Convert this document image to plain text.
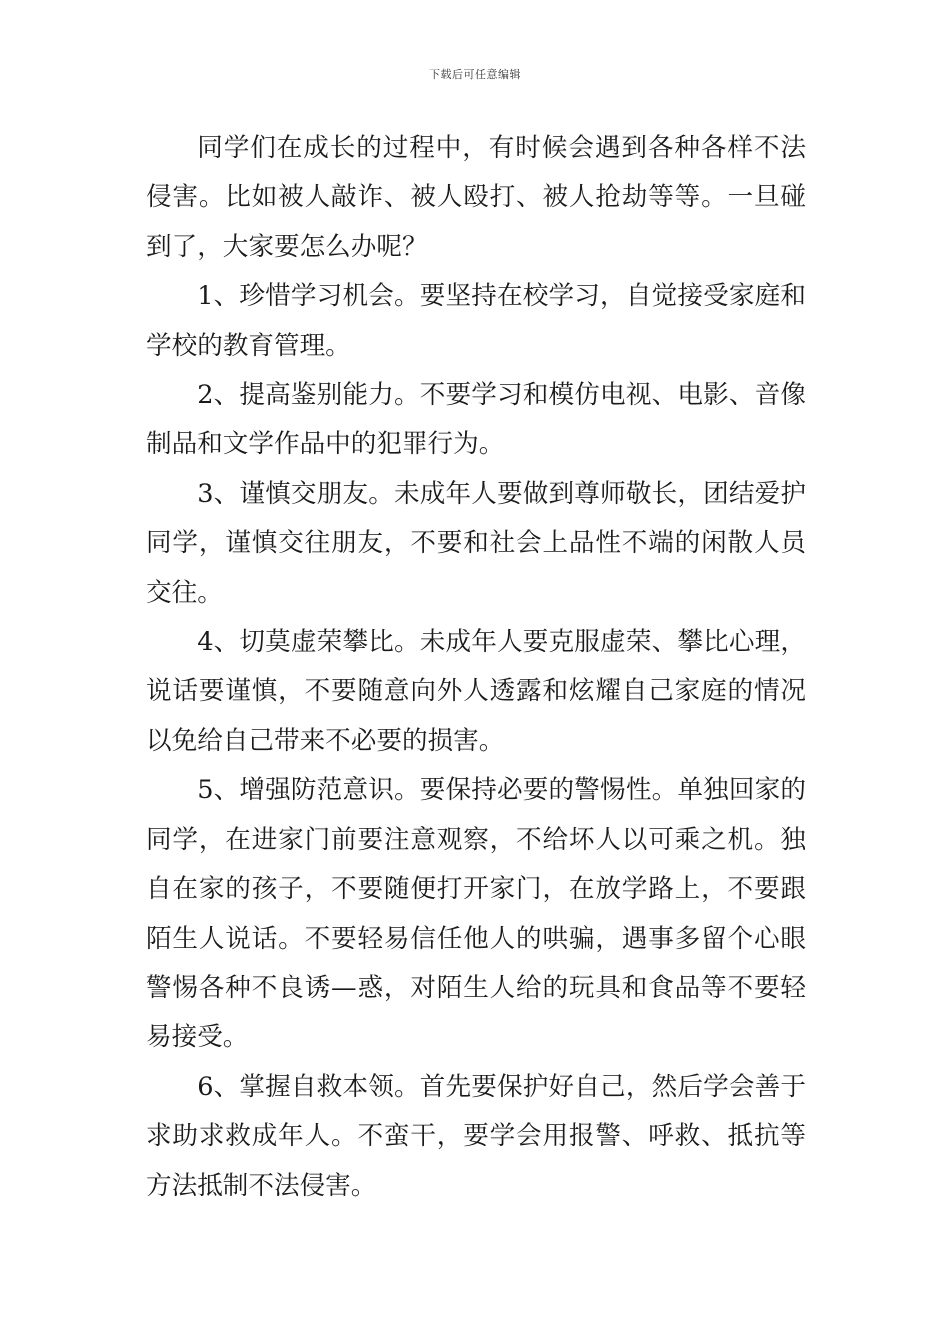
下载后可任意编辑

同学们在成长的过程中，有时候会遇到各种各样不法侵害。比如被人敲诈、被人殴打、被人抢劫等等。一旦碰到了，大家要怎么办呢？

1、珍惜学习机会。要坚持在校学习，自觉接受家庭和学校的教育管理。

2、提高鉴别能力。不要学习和模仿电视、电影、音像制品和文学作品中的犯罪行为。

3、谨慎交朋友。未成年人要做到尊师敬长，团结爱护同学，谨慎交往朋友，不要和社会上品性不端的闲散人员交往。

4、切莫虚荣攀比。未成年人要克服虚荣、攀比心理，说话要谨慎，不要随意向外人透露和炫耀自己家庭的情况以免给自己带来不必要的损害。

5、增强防范意识。要保持必要的警惕性。单独回家的同学，在进家门前要注意观察，不给坏人以可乘之机。独自在家的孩子，不要随便打开家门，在放学路上，不要跟陌生人说话。不要轻易信任他人的哄骗，遇事多留个心眼警惕各种不良诱—惑，对陌生人给的玩具和食品等不要轻易接受。

6、掌握自救本领。首先要保护好自己，然后学会善于求助求救成年人。不蛮干，要学会用报警、呼救、抵抗等方法抵制不法侵害。
